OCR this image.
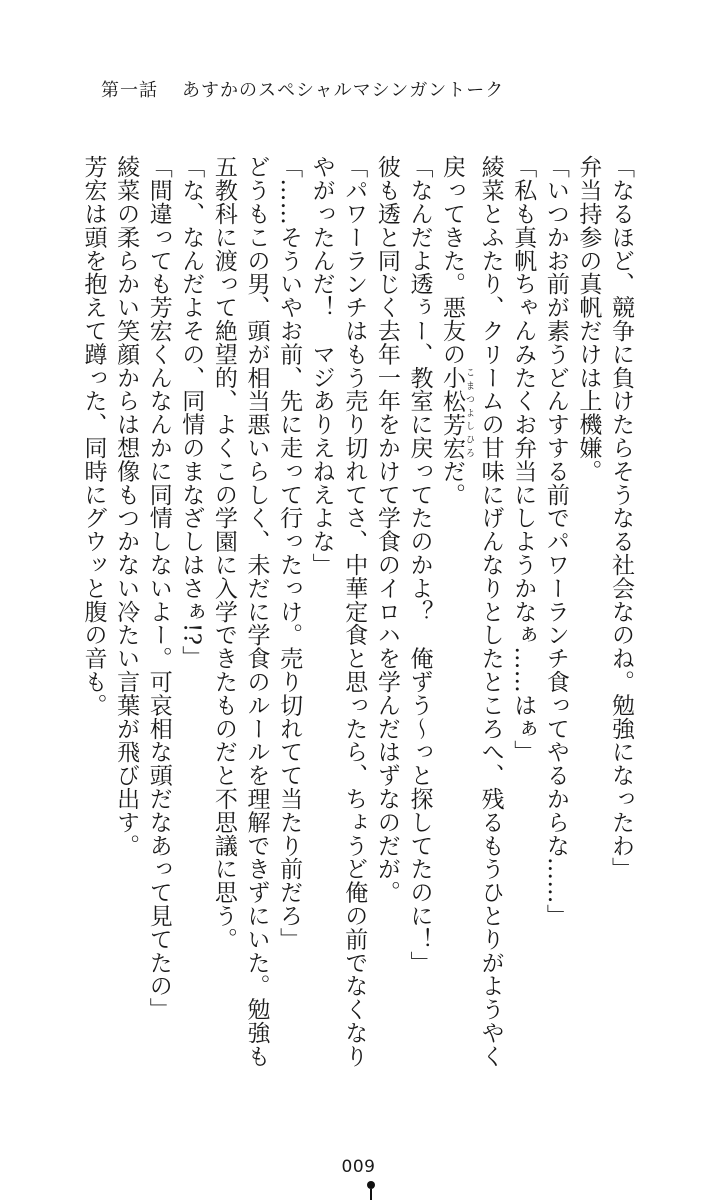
第一話 あすかのスペシャルマシンガントーク
「なるほど、競争に負けたらそうなる社会なのね。勉強になったわ」
弁当持参の真帆だけは上機嫌。
「いつかお前が素うどんすする前でパワーランチ食ってやるからな……」
「私も真帆ちゃんみたくお弁当にしようかなぁ……はぁ」
綾菜とふたり、クリームの甘味にげんなりとしたところへ、残るもうひとりがようやく
戻ってきた。悪友の小松芳宏 こまつよしひろだ。
「なんだよ透ぅー、教室に戻ってたのかよ？　俺ずう〜っと探してたのに！」
彼も透と同じく去年一年をかけて学食のイロハを学んだはずなのだが。
「パワーランチはもう売り切れてさ、中華定食と思ったら、ちょうど俺の前でなくなり
やがったんだ！　マジありえねえよな」
「……そういやお前、先に走って行ったっけ。売り切れてて当たり前だろ」
どうもこの男、頭が相当悪いらしく、未だに学食のルールを理解できずにいた。勉強も
五教科に渡って絶望的、よくこの学園に入学できたものだと不思議に思う。
「な、なんだよその、同情のまなざしはさぁ!?」
「間違っても芳宏くんなんかに同情しないよー。可哀相な頭だなあって見てたの」
綾菜の柔らかい笑顔からは想像もつかない冷たい言葉が飛び出す。
芳宏は頭を抱えて蹲った、同時にグウッと腹の音も。
009
